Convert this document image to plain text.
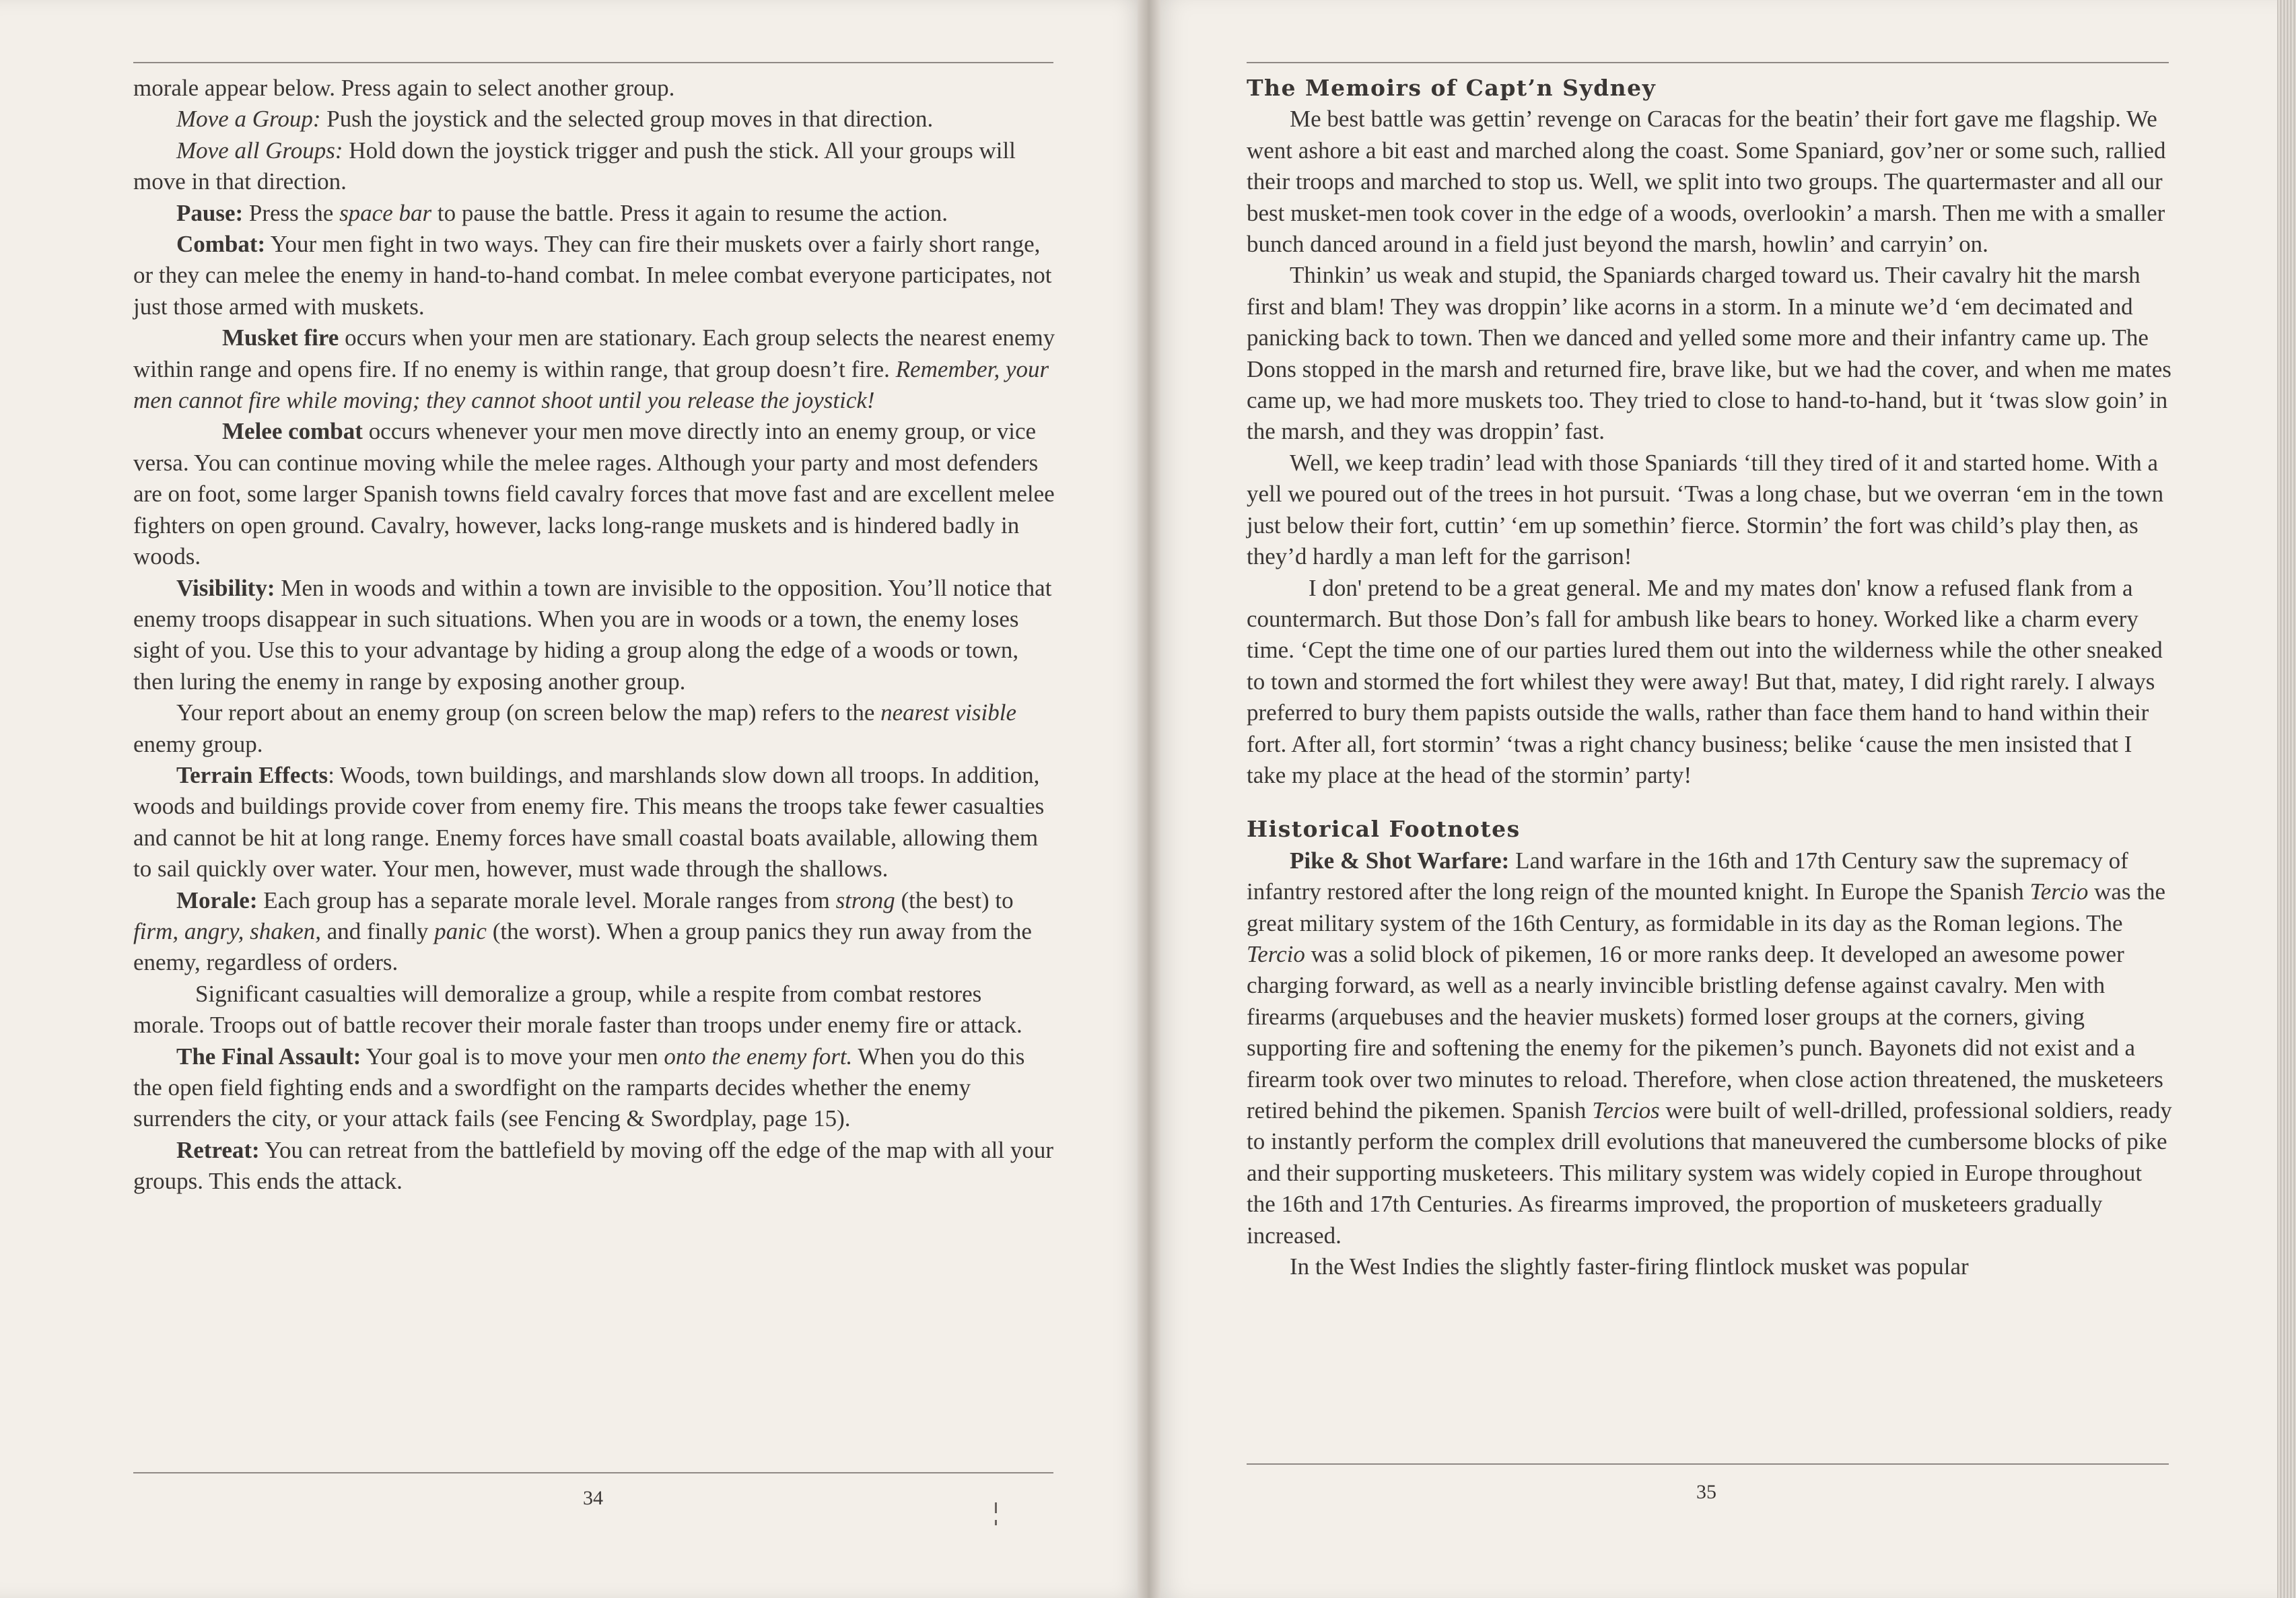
morale appear below. Press again to select another group.

Move a Group: Push the joystick and the selected group moves in that direction.

Move all Groups: Hold down the joystick trigger and push the stick. All your groups will move in that direction.

Pause: Press the space bar to pause the battle. Press it again to resume the action.

Combat: Your men fight in two ways. They can fire their muskets over a fairly short range, or they can melee the enemy in hand-to-hand combat. In melee combat everyone participates, not just those armed with muskets.

Musket fire occurs when your men are stationary. Each group selects the nearest enemy within range and opens fire. If no enemy is within range, that group doesn’t fire. Remember, your men cannot fire while moving; they cannot shoot until you release the joystick!

Melee combat occurs whenever your men move directly into an enemy group, or vice versa. You can continue moving while the melee rages. Although your party and most defenders are on foot, some larger Spanish towns field cavalry forces that move fast and are excellent melee fighters on open ground. Cavalry, however, lacks long-range muskets and is hindered badly in woods.

Visibility: Men in woods and within a town are invisible to the opposition. You’ll notice that enemy troops disappear in such situations. When you are in woods or a town, the enemy loses sight of you. Use this to your advantage by hiding a group along the edge of a woods or town, then luring the enemy in range by exposing another group.

Your report about an enemy group (on screen below the map) refers to the nearest visible enemy group.

Terrain Effects: Woods, town buildings, and marshlands slow down all troops. In addition, woods and buildings provide cover from enemy fire. This means the troops take fewer casualties and cannot be hit at long range. Enemy forces have small coastal boats available, allowing them to sail quickly over water. Your men, however, must wade through the shallows.

Morale: Each group has a separate morale level. Morale ranges from strong (the best) to firm, angry, shaken, and finally panic (the worst). When a group panics they run away from the enemy, regardless of orders.

Significant casualties will demoralize a group, while a respite from combat restores morale. Troops out of battle recover their morale faster than troops under enemy fire or attack.

The Final Assault: Your goal is to move your men onto the enemy fort. When you do this the open field fighting ends and a swordfight on the ramparts decides whether the enemy surrenders the city, or your attack fails (see Fencing & Swordplay, page 15).

Retreat: You can retreat from the battlefield by moving off the edge of the map with all your groups. This ends the attack.

The Memoirs of Capt’n Sydney

Me best battle was gettin’ revenge on Caracas for the beatin’ their fort gave me flagship. We went ashore a bit east and marched along the coast. Some Spaniard, gov’ner or some such, rallied their troops and marched to stop us. Well, we split into two groups. The quartermaster and all our best musket-men took cover in the edge of a woods, overlookin’ a marsh. Then me with a smaller bunch danced around in a field just beyond the marsh, howlin’ and carryin’ on.

Thinkin’ us weak and stupid, the Spaniards charged toward us. Their cavalry hit the marsh first and blam! They was droppin’ like acorns in a storm. In a minute we’d ‘em decimated and panicking back to town. Then we danced and yelled some more and their infantry came up. The Dons stopped in the marsh and returned fire, brave like, but we had the cover, and when me mates came up, we had more muskets too. They tried to close to hand-to-hand, but it ‘twas slow goin’ in the marsh, and they was droppin’ fast.

Well, we keep tradin’ lead with those Spaniards ‘till they tired of it and started home. With a yell we poured out of the trees in hot pursuit. ‘Twas a long chase, but we overran ‘em in the town just below their fort, cuttin’ ‘em up somethin’ fierce. Stormin’ the fort was child’s play then, as they’d hardly a man left for the garrison!

I don' pretend to be a great general. Me and my mates don' know a refused flank from a countermarch. But those Don’s fall for ambush like bears to honey. Worked like a charm every time. ‘Cept the time one of our parties lured them out into the wilderness while the other sneaked to town and stormed the fort whilest they were away! But that, matey, I did right rarely. I always preferred to bury them papists outside the walls, rather than face them hand to hand within their fort. After all, fort stormin’ ‘twas a right chancy business; belike ‘cause the men insisted that I take my place at the head of the stormin’ party!

Historical Footnotes

Pike & Shot Warfare: Land warfare in the 16th and 17th Century saw the supremacy of infantry restored after the long reign of the mounted knight. In Europe the Spanish Tercio was the great military system of the 16th Century, as formidable in its day as the Roman legions. The Tercio was a solid block of pikemen, 16 or more ranks deep. It developed an awesome power charging forward, as well as a nearly invincible bristling defense against cavalry. Men with firearms (arquebuses and the heavier muskets) formed loser groups at the corners, giving supporting fire and softening the enemy for the pikemen’s punch. Bayonets did not exist and a firearm took over two minutes to reload. Therefore, when close action threatened, the musketeers retired behind the pikemen. Spanish Tercios were built of well-drilled, professional soldiers, ready to instantly perform the complex drill evolutions that maneuvered the cumbersome blocks of pike and their supporting musketeers. This military system was widely copied in Europe throughout the 16th and 17th Centuries. As firearms improved, the proportion of musketeers gradually increased.

In the West Indies the slightly faster-firing flintlock musket was popular

34	35
